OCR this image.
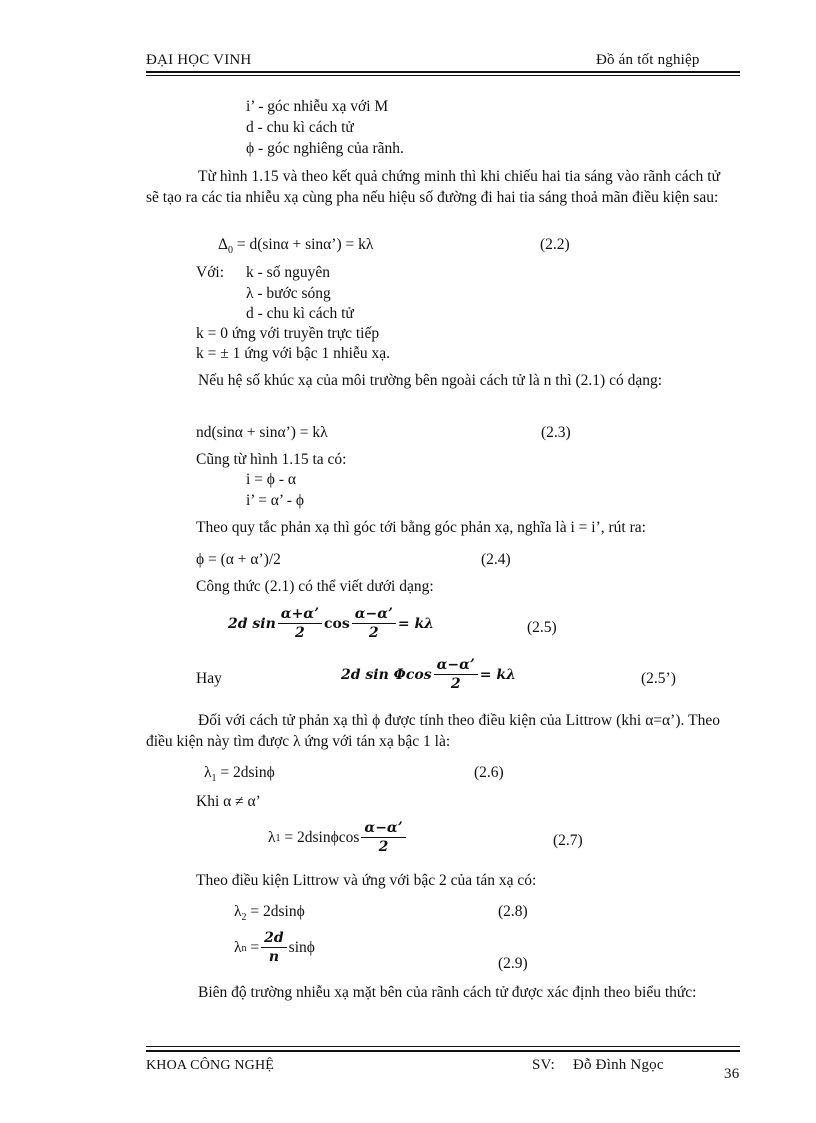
ĐẠI HỌC VINH	Đồ án tốt nghiệp
i’ - góc nhiễu xạ với M
d - chu kì cách tử
ϕ - góc nghiêng của rãnh.
Từ hình 1.15 và theo kết quả chứng minh thì khi chiếu hai tia sáng vào rãnh cách tử sẽ tạo ra các tia nhiễu xạ cùng pha nếu hiệu số đường đi hai tia sáng thoả mãn điều kiện sau:
$\Delta_0 = d(\sin\alpha$ + sinα’) = kλ	(2.2)
Với: k - số nguyên
λ - bước sóng
d - chu kì cách tử
k = 0 ứng với truyền trực tiếp
k = ± 1 ứng với bậc 1 nhiễu xạ.
Nếu hệ số khúc xạ của môi trường bên ngoài cách tử là n thì (2.1) có dạng:
nd(sinα + sinα’) = kλ	(2.3)
Cũng từ hình 1.15 ta có:
i = ϕ - α
i’ = α’ - ϕ
Theo quy tắc phản xạ thì góc tới bằng góc phản xạ, nghĩa là i = i’, rút ra:
ϕ = (α + α’)/2	(2.4)
Công thức (2.1) có thể viết dưới dạng:
2d $\sin \frac{\alpha+\alpha’}{2}$ $\cos \frac{\alpha-\alpha’}{2} = k\lambda$	(2.5)
Hay	2d sin Φcos $\frac{\alpha-\alpha’}{2} = k\lambda$	(2.5’)
Đối với cách tử phản xạ thì ϕ được tính theo điều kiện của Littrow (khi α=α’). Theo điều kiện này tìm được λ ứng với tán xạ bậc 1 là:
$\lambda_1 = 2dsin\phi$	(2.6)
Khi α ≠ α’
λ 1
= $2dsin\phi\cos \frac{\alpha-\alpha’}{2}$	(2.7)
Theo điều kiện Littrow và ứng với bậc 2 của tán xạ có:
$\lambda_2 = 2dsin\phi$	(2.8)
λ n
= $\frac{2d}{n}$ sinϕ
(2.9)
Biên độ trường nhiễu xạ mặt bên của rãnh cách tử được xác định theo biểu thức:
KHOA CÔNG NGHỆ	SV: Đỗ Đình Ngọc
36
